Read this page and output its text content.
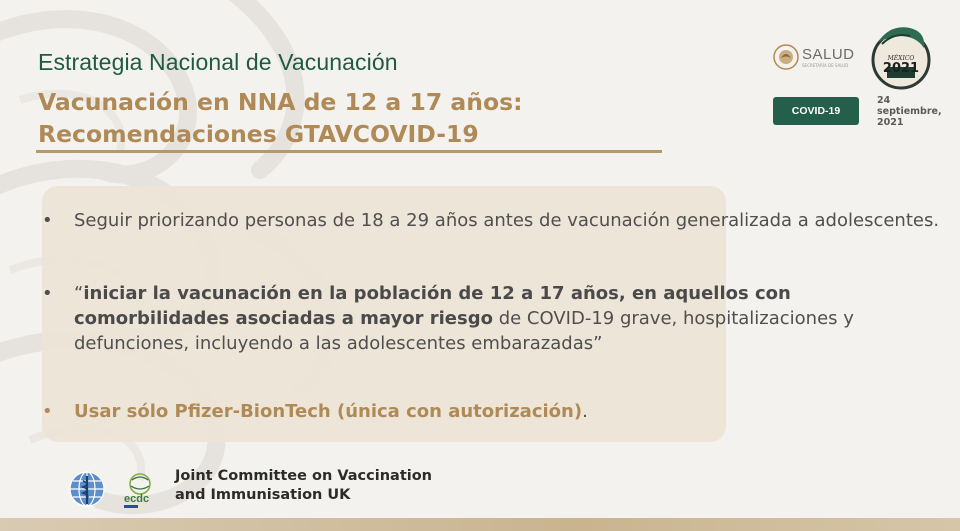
Estrategia Nacional de Vacunación
Vacunación en NNA de 12 a 17 años:
Recomendaciones GTAVCOVID-19
SALUD
SECRETARÍA DE SALUD
MÉXICO
2021
COVID-19
24
septiembre,
2021
•	Seguir priorizando personas de 18 a 29 años antes de vacunación generalizada a adolescentes.
•	“iniciar la vacunación en la población de 12 a 17 años, en aquellos con comorbilidades asociadas a mayor riesgo de COVID-19 grave, hospitalizaciones y defunciones, incluyendo a las adolescentes embarazadas”
•	Usar sólo Pfizer-BionTech (única con autorización).
ecdc
Joint Committee on Vaccination
and Immunisation UK
